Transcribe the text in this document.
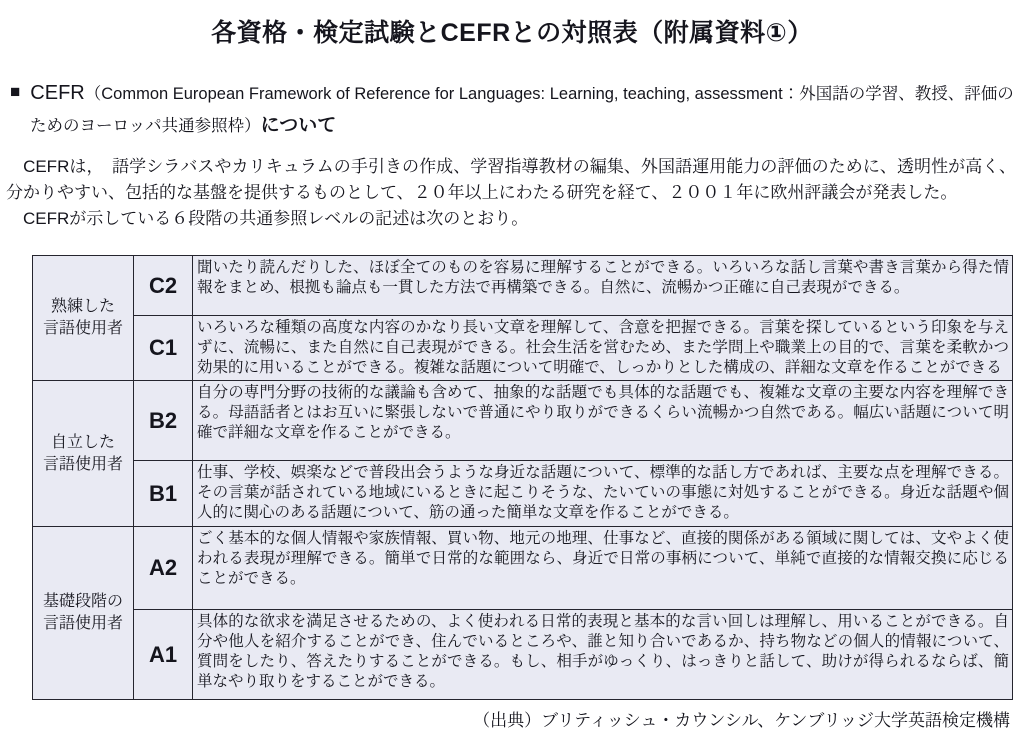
各資格・検定試験とCEFRとの対照表（附属資料①）
■ CEFR（Common European Framework of Reference for Languages: Learning, teaching, assessment：外国語の学習、教授、評価のためのヨーロッパ共通参照枠）について

　CEFRは，　語学シラバスやカリキュラムの手引きの作成、学習指導教材の編集、外国語運用能力の評価のために、透明性が高く、分かりやすい、包括的な基盤を提供するものとして、２０年以上にわたる研究を経て、２００１年に欧州評議会が発表した。

　CEFRが示している６段階の共通参照レベルの記述は次のとおり。

熟練した
言語使用者	C2	聞いたり読んだりした、ほぼ全てのものを容易に理解することができる。いろいろな話し言葉や書き言葉から得た情報をまとめ、根拠も論点も一貫した方法で再構築できる。自然に、流暢かつ正確に自己表現ができる。
	C1	いろいろな種類の高度な内容のかなり長い文章を理解して、含意を把握できる。言葉を探しているという印象を与えずに、流暢に、また自然に自己表現ができる。社会生活を営むため、また学問上や職業上の目的で、言葉を柔軟かつ効果的に用いることができる。複雑な話題について明確で、しっかりとした構成の、詳細な文章を作ることができる
自立した
言語使用者	B2	自分の専門分野の技術的な議論も含めて、抽象的な話題でも具体的な話題でも、複雑な文章の主要な内容を理解できる。母語話者とはお互いに緊張しないで普通にやり取りができるくらい流暢かつ自然である。幅広い話題について明確で詳細な文章を作ることができる。
	B1	仕事、学校、娯楽などで普段出会うような身近な話題について、標準的な話し方であれば、主要な点を理解できる。その言葉が話されている地域にいるときに起こりそうな、たいていの事態に対処することができる。身近な話題や個人的に関心のある話題について、筋の通った簡単な文章を作ることができる。
基礎段階の
言語使用者	A2	ごく基本的な個人情報や家族情報、買い物、地元の地理、仕事など、直接的関係がある領域に関しては、文やよく使われる表現が理解できる。簡単で日常的な範囲なら、身近で日常の事柄について、単純で直接的な情報交換に応じることができる。
	A1	具体的な欲求を満足させるための、よく使われる日常的表現と基本的な言い回しは理解し、用いることができる。自分や他人を紹介することができ、住んでいるところや、誰と知り合いであるか、持ち物などの個人的情報について、質問をしたり、答えたりすることができる。もし、相手がゆっくり、はっきりと話して、助けが得られるならば、簡単なやり取りをすることができる。
（出典）ブリティッシュ・カウンシル、ケンブリッジ大学英語検定機構
